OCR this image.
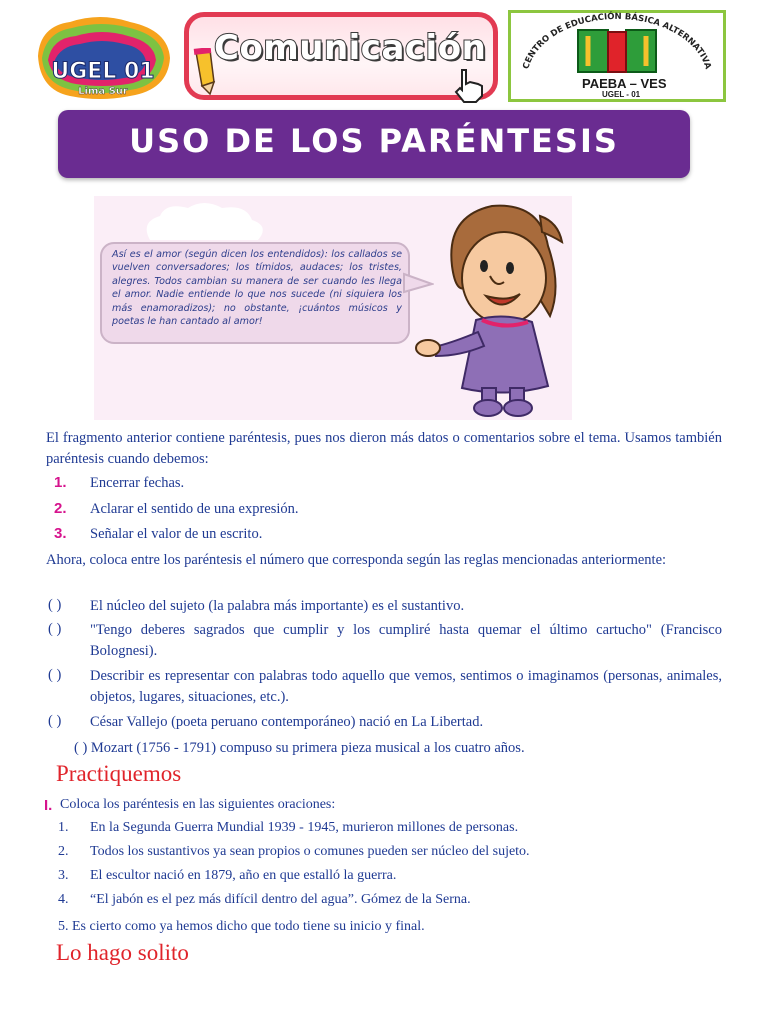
UGEL 01
Lima Sur
Comunicación	CENTRO DE EDUCACIÓN BÁSICA ALTERNATIVA
PAEBA – VES
UGEL - 01
USO DE LOS PARÉNTESIS
Así es el amor (según dicen los entendidos): los callados se vuelven conversadores; los tímidos, audaces; los tristes, alegres. Todos cambian su manera de ser cuando les llega el amor. Nadie entiende lo que nos sucede (ni siquiera los más enamoradizos); no obstante, ¡cuántos músicos y poetas le han cantado al amor!
El fragmento anterior contiene paréntesis, pues nos dieron más datos o comentarios sobre el tema. Usamos también paréntesis cuando debemos:
1. Encerrar fechas.
2. Aclarar el sentido de una expresión.
3. Señalar el valor de un escrito.
Ahora, coloca entre los paréntesis el número que corresponda según las reglas mencionadas anteriormente:
( ) El núcleo del sujeto (la palabra más importante) es el sustantivo.
( ) "Tengo deberes sagrados que cumplir y los cumpliré hasta quemar el último cartucho" (Francisco Bolognesi).
( ) Describir es representar con palabras todo aquello que vemos, sentimos o imaginamos (personas, animales, objetos, lugares, situaciones, etc.).
( ) César Vallejo (poeta peruano contemporáneo) nació en La Libertad.
( ) Mozart (1756 - 1791) compuso su primera pieza musical a los cuatro años.
Practiquemos
I. Coloca los paréntesis en las siguientes oraciones:
1. En la Segunda Guerra Mundial 1939 - 1945, murieron millones de personas.
2. Todos los sustantivos ya sean propios o comunes pueden ser núcleo del sujeto.
3. El escultor nació en 1879, año en que estalló la guerra.
4. “El jabón es el pez más difícil dentro del agua”. Gómez de la Serna.
5. Es cierto como ya hemos dicho que todo tiene su inicio y final.
Lo hago solito
